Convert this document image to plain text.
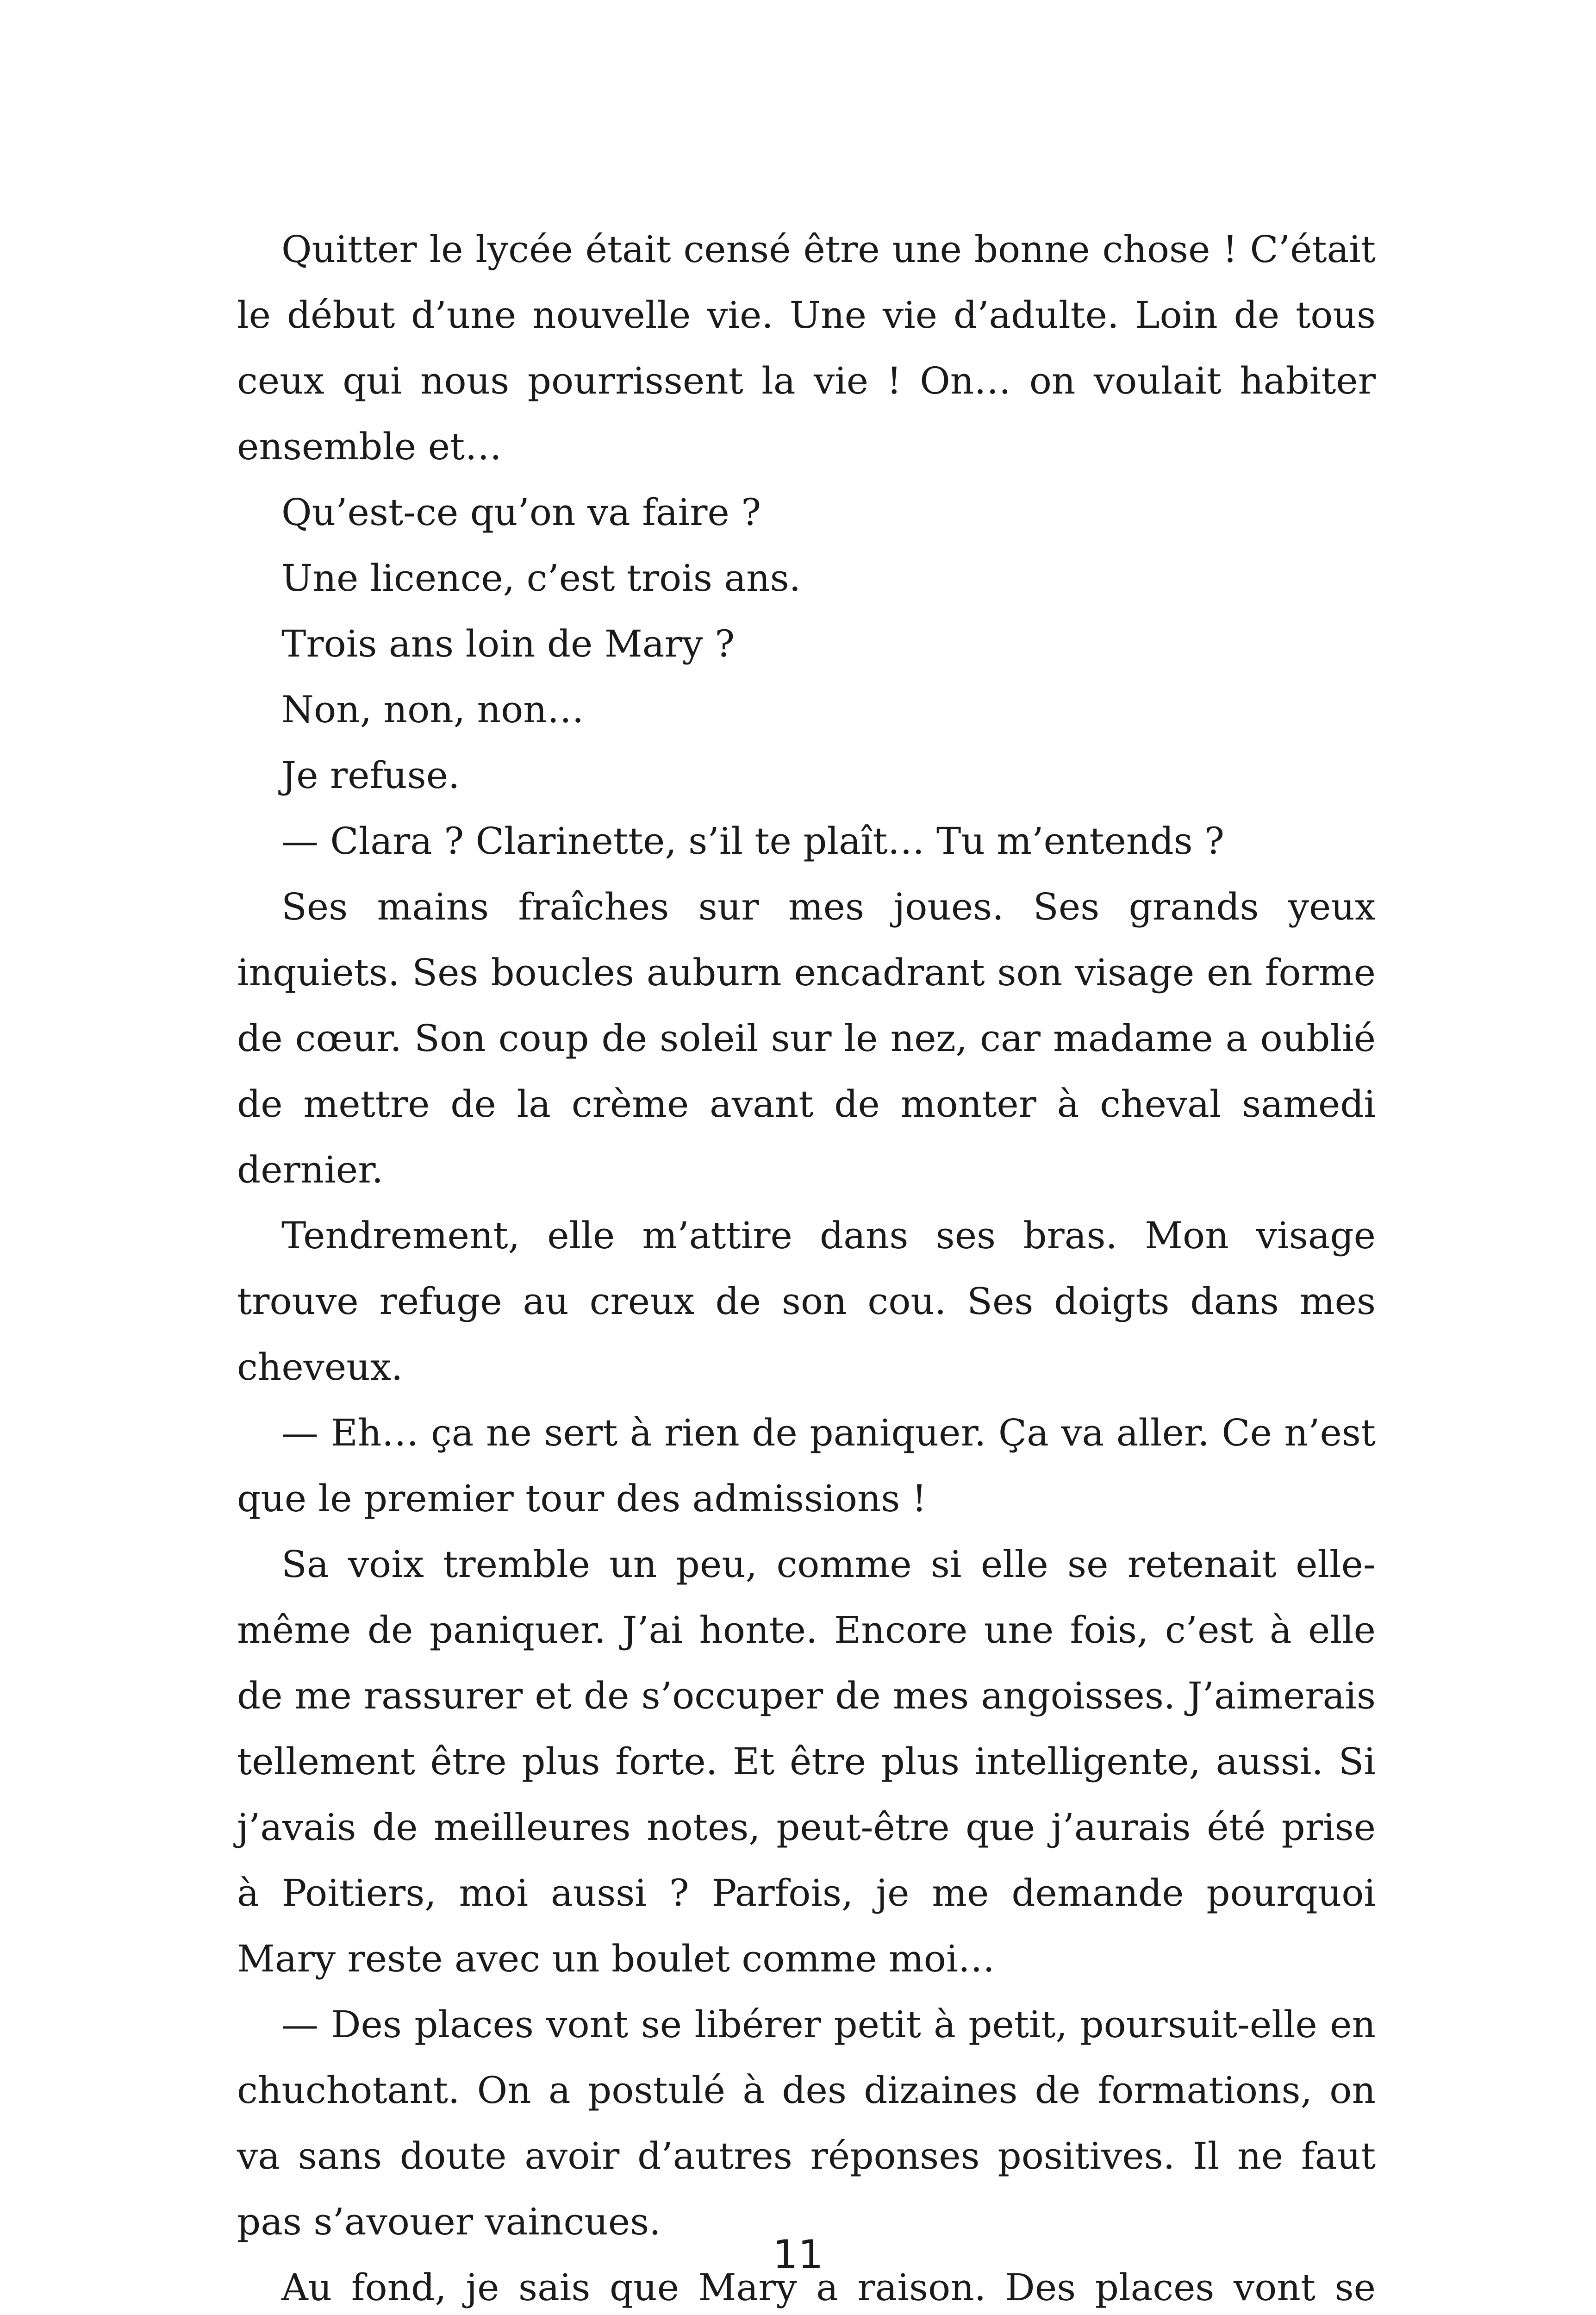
Quitter le lycée était censé être une bonne chose ! C’était le début d’une nouvelle vie. Une vie d’adulte. Loin de tous ceux qui nous pourrissent la vie ! On… on voulait habiter ensemble et…

Qu’est-ce qu’on va faire ?

Une licence, c’est trois ans.

Trois ans loin de Mary ?

Non, non, non…

Je refuse.

— Clara ? Clarinette, s’il te plaît… Tu m’entends ?

Ses mains fraîches sur mes joues. Ses grands yeux inquiets. Ses boucles auburn encadrant son visage en forme de cœur. Son coup de soleil sur le nez, car madame a oublié de mettre de la crème avant de monter à cheval samedi dernier.

Tendrement, elle m’attire dans ses bras. Mon visage trouve refuge au creux de son cou. Ses doigts dans mes cheveux.

— Eh… ça ne sert à rien de paniquer. Ça va aller. Ce n’est que le premier tour des admissions !

Sa voix tremble un peu, comme si elle se retenait elle-même de paniquer. J’ai honte. Encore une fois, c’est à elle de me rassurer et de s’occuper de mes angoisses. J’aimerais tellement être plus forte. Et être plus intelligente, aussi. Si j’avais de meilleures notes, peut-être que j’aurais été prise à Poitiers, moi aussi ? Parfois, je me demande pourquoi Mary reste avec un boulet comme moi…

— Des places vont se libérer petit à petit, poursuit-elle en chuchotant. On a postulé à des dizaines de formations, on va sans doute avoir d’autres réponses positives. Il ne faut pas s’avouer vaincues.

Au fond, je sais que Mary a raison. Des places vont se

11
